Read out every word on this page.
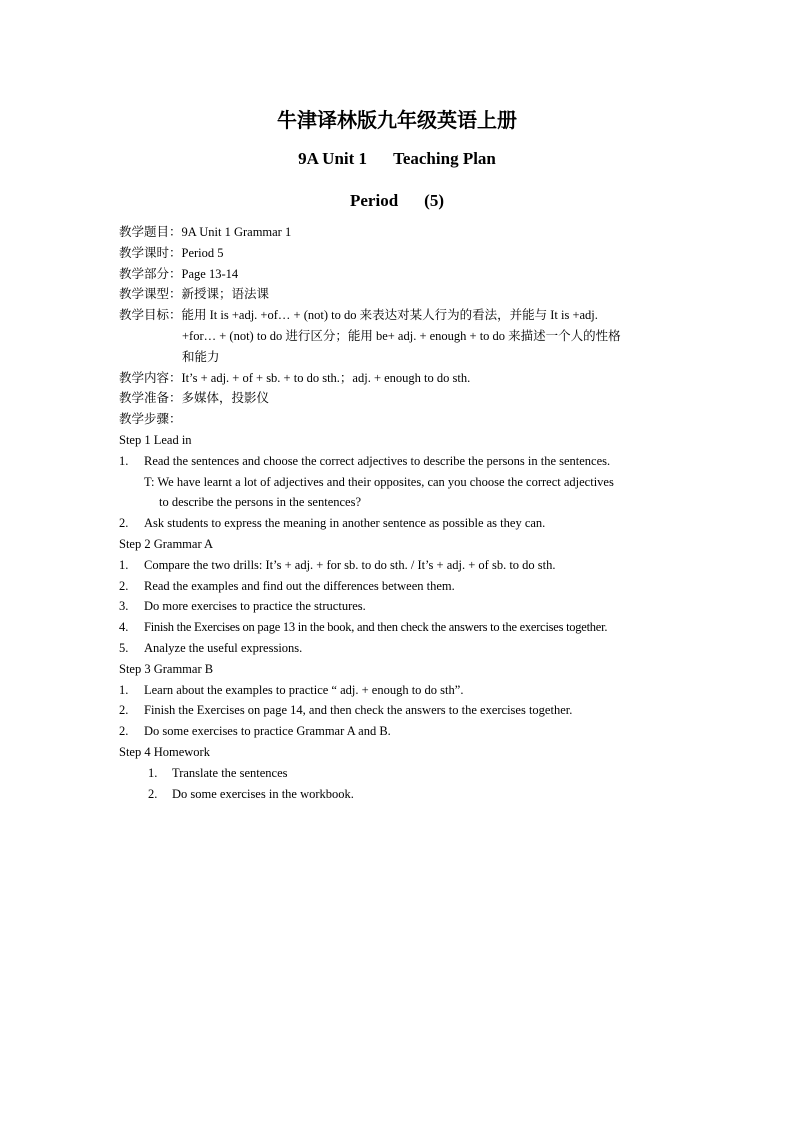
牛津译林版九年级英语上册
9A Unit 1 Teaching Plan
Period (5)
教学题目：9A Unit 1 Grammar 1
教学课时：Period 5
教学部分：Page 13-14
教学课型：新授课；语法课
教学目标：能用 It is +adj. +of… + (not) to do 来表达对某人行为的看法，并能与 It is +adj.
+for… + (not) to do 进行区分；能用 be+ adj. + enough + to do 来描述一个人的性格
和能力
教学内容：It’s + adj. + of + sb. + to do sth.；adj. + enough to do sth.
教学准备：多媒体，投影仪
教学步骤：
Step 1 Lead in
1. Read the sentences and choose the correct adjectives to describe the persons in the sentences.
T: We have learnt a lot of adjectives and their opposites, can you choose the correct adjectives
to describe the persons in the sentences?
2. Ask students to express the meaning in another sentence as possible as they can.
Step 2 Grammar A
1. Compare the two drills: It’s + adj. + for sb. to do sth. / It’s + adj. + of sb. to do sth.
2. Read the examples and find out the differences between them.
3. Do more exercises to practice the structures.
4. Finish the Exercises on page 13 in the book, and then check the answers to the exercises together.
5. Analyze the useful expressions.
Step 3 Grammar B
1. Learn about the examples to practice “ adj. + enough to do sth”.
2. Finish the Exercises on page 14, and then check the answers to the exercises together.
2. Do some exercises to practice Grammar A and B.
Step 4 Homework
1. Translate the sentences
2. Do some exercises in the workbook.
